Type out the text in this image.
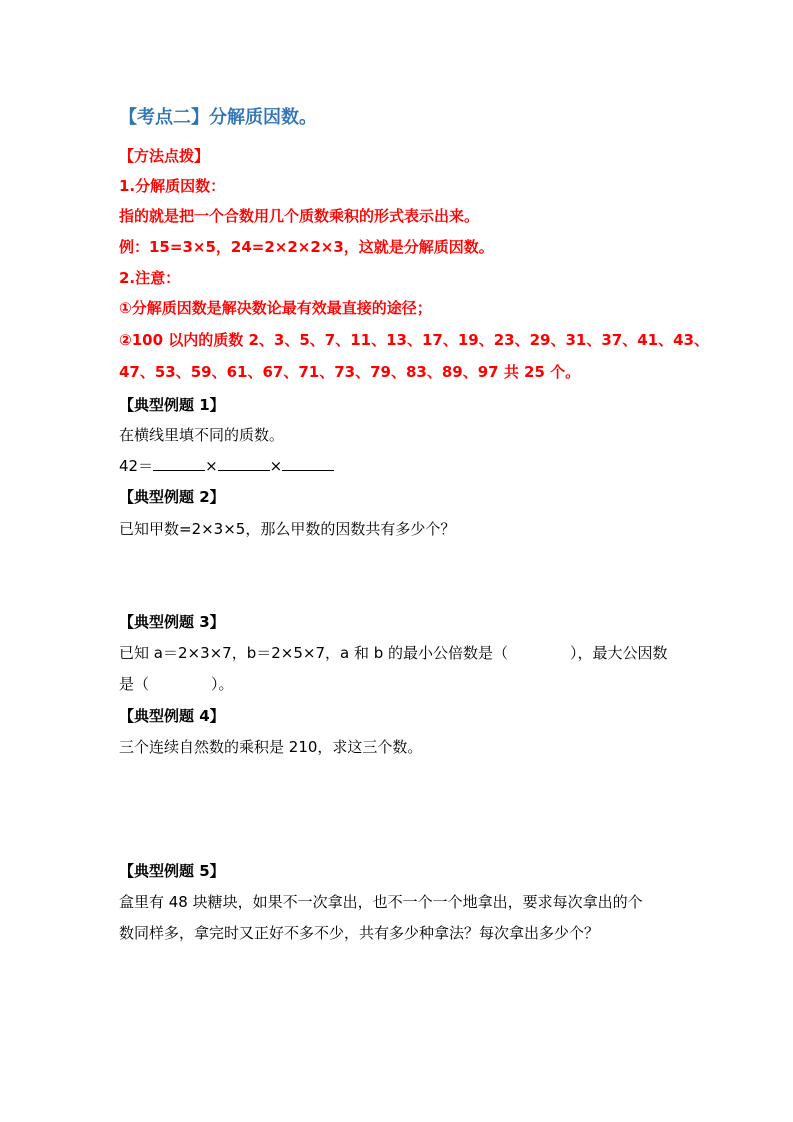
【考点二】分解质因数。
【方法点拨】
1.分解质因数：
指的就是把一个合数用几个质数乘积的形式表示出来。
例：15=3×5，24=2×2×2×3，这就是分解质因数。
2.注意：
①分解质因数是解决数论最有效最直接的途径；
②100 以内的质数 2、3、5、7、11、13、17、19、23、29、31、37、41、43、
47、53、59、61、67、71、73、79、83、89、97 共 25 个。
【典型例题 1】
在横线里填不同的质数。
42＝	×	×
【典型例题 2】
已知甲数=2×3×5，那么甲数的因数共有多少个？
【典型例题 3】
已知 a＝2×3×7，b＝2×5×7，a 和 b 的最小公倍数是（	），最大公因数
是（	）。
【典型例题 4】
三个连续自然数的乘积是 210，求这三个数。
【典型例题 5】
盒里有 48 块糖块，如果不一次拿出，也不一个一个地拿出，要求每次拿出的个
数同样多，拿完时又正好不多不少，共有多少种拿法？每次拿出多少个？
